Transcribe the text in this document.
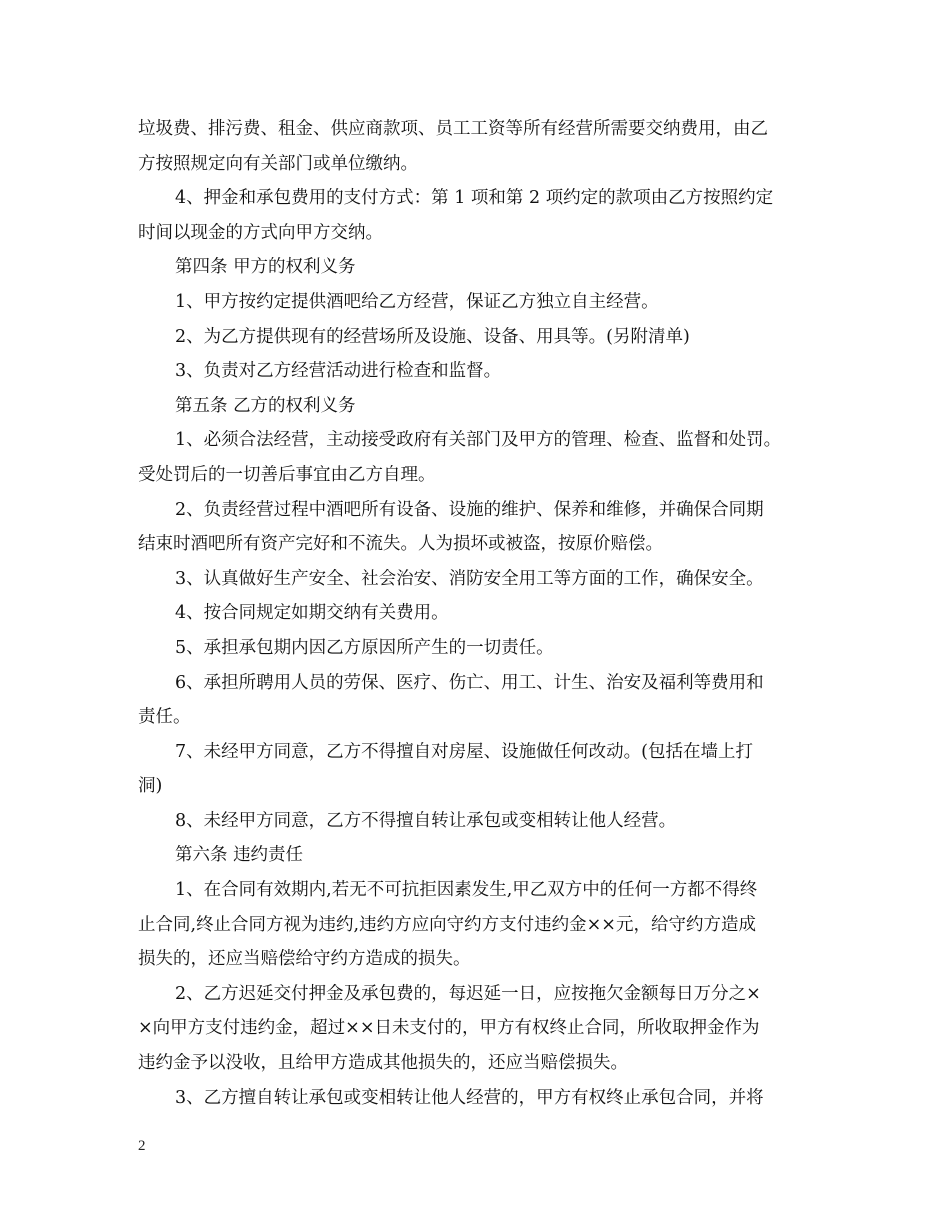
垃圾费、排污费、租金、供应商款项、员工工资等所有经营所需要交纳费用，由乙
方按照规定向有关部门或单位缴纳。

4、押金和承包费用的支付方式：第 1 项和第 2 项约定的款项由乙方按照约定
时间以现金的方式向甲方交纳。

第四条 甲方的权利义务

1、甲方按约定提供酒吧给乙方经营，保证乙方独立自主经营。

2、为乙方提供现有的经营场所及设施、设备、用具等。(另附清单)

3、负责对乙方经营活动进行检查和监督。

第五条 乙方的权利义务

1、必须合法经营，主动接受政府有关部门及甲方的管理、检查、监督和处罚。
受处罚后的一切善后事宜由乙方自理。

2、负责经营过程中酒吧所有设备、设施的维护、保养和维修，并确保合同期
结束时酒吧所有资产完好和不流失。人为损坏或被盗，按原价赔偿。

3、认真做好生产安全、社会治安、消防安全用工等方面的工作，确保安全。

4、按合同规定如期交纳有关费用。

5、承担承包期内因乙方原因所产生的一切责任。

6、承担所聘用人员的劳保、医疗、伤亡、用工、计生、治安及福利等费用和
责任。

7、未经甲方同意，乙方不得擅自对房屋、设施做任何改动。(包括在墙上打
洞)

8、未经甲方同意，乙方不得擅自转让承包或变相转让他人经营。

第六条 违约责任

1、在合同有效期内,若无不可抗拒因素发生,甲乙双方中的任何一方都不得终
止合同,终止合同方视为违约,违约方应向守约方支付违约金××元，给守约方造成
损失的，还应当赔偿给守约方造成的损失。

2、乙方迟延交付押金及承包费的，每迟延一日，应按拖欠金额每日万分之×
×向甲方支付违约金，超过××日未支付的，甲方有权终止合同，所收取押金作为
违约金予以没收，且给甲方造成其他损失的，还应当赔偿损失。

3、乙方擅自转让承包或变相转让他人经营的，甲方有权终止承包合同，并将

2
